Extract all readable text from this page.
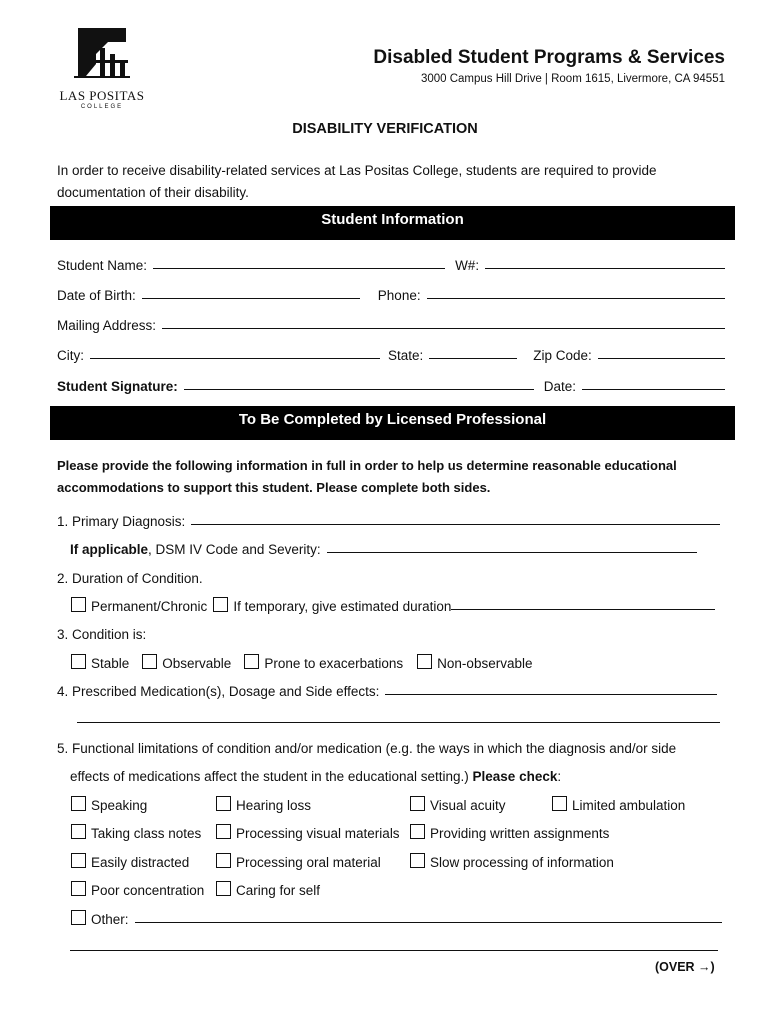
LAS POSITAS
COLLEGE
Disabled Student Programs & Services
3000 Campus Hill Drive | Room 1615, Livermore, CA 94551
DISABILITY VERIFICATION
In order to receive disability-related services at Las Positas College, students are required to provide documentation of their disability.
Student Information
Student Name:	W#:
Date of Birth:	Phone:
Mailing Address:
City:	State:	Zip Code:
Student Signature:	Date:
To Be Completed by Licensed Professional
Please provide the following information in full in order to help us determine reasonable educational accommodations to support this student. Please complete both sides.
1. Primary Diagnosis:
If applicable, DSM IV Code and Severity:
2. Duration of Condition.
Permanent/Chronic If temporary, give estimated duration
3. Condition is:
Stable Observable Prone to exacerbations	Non-observable
4. Prescribed Medication(s), Dosage and Side effects:
5. Functional limitations of condition and/or medication (e.g. the ways in which the diagnosis and/or side
effects of medications affect the student in the educational setting.) Please check:
Speaking	Hearing loss	Visual acuity	Limited ambulation
Taking class notes	Processing visual materials Providing written assignments
Easily distracted	Processing oral material	Slow processing of information
Poor concentration Caring for self
Other:
(OVER →)
